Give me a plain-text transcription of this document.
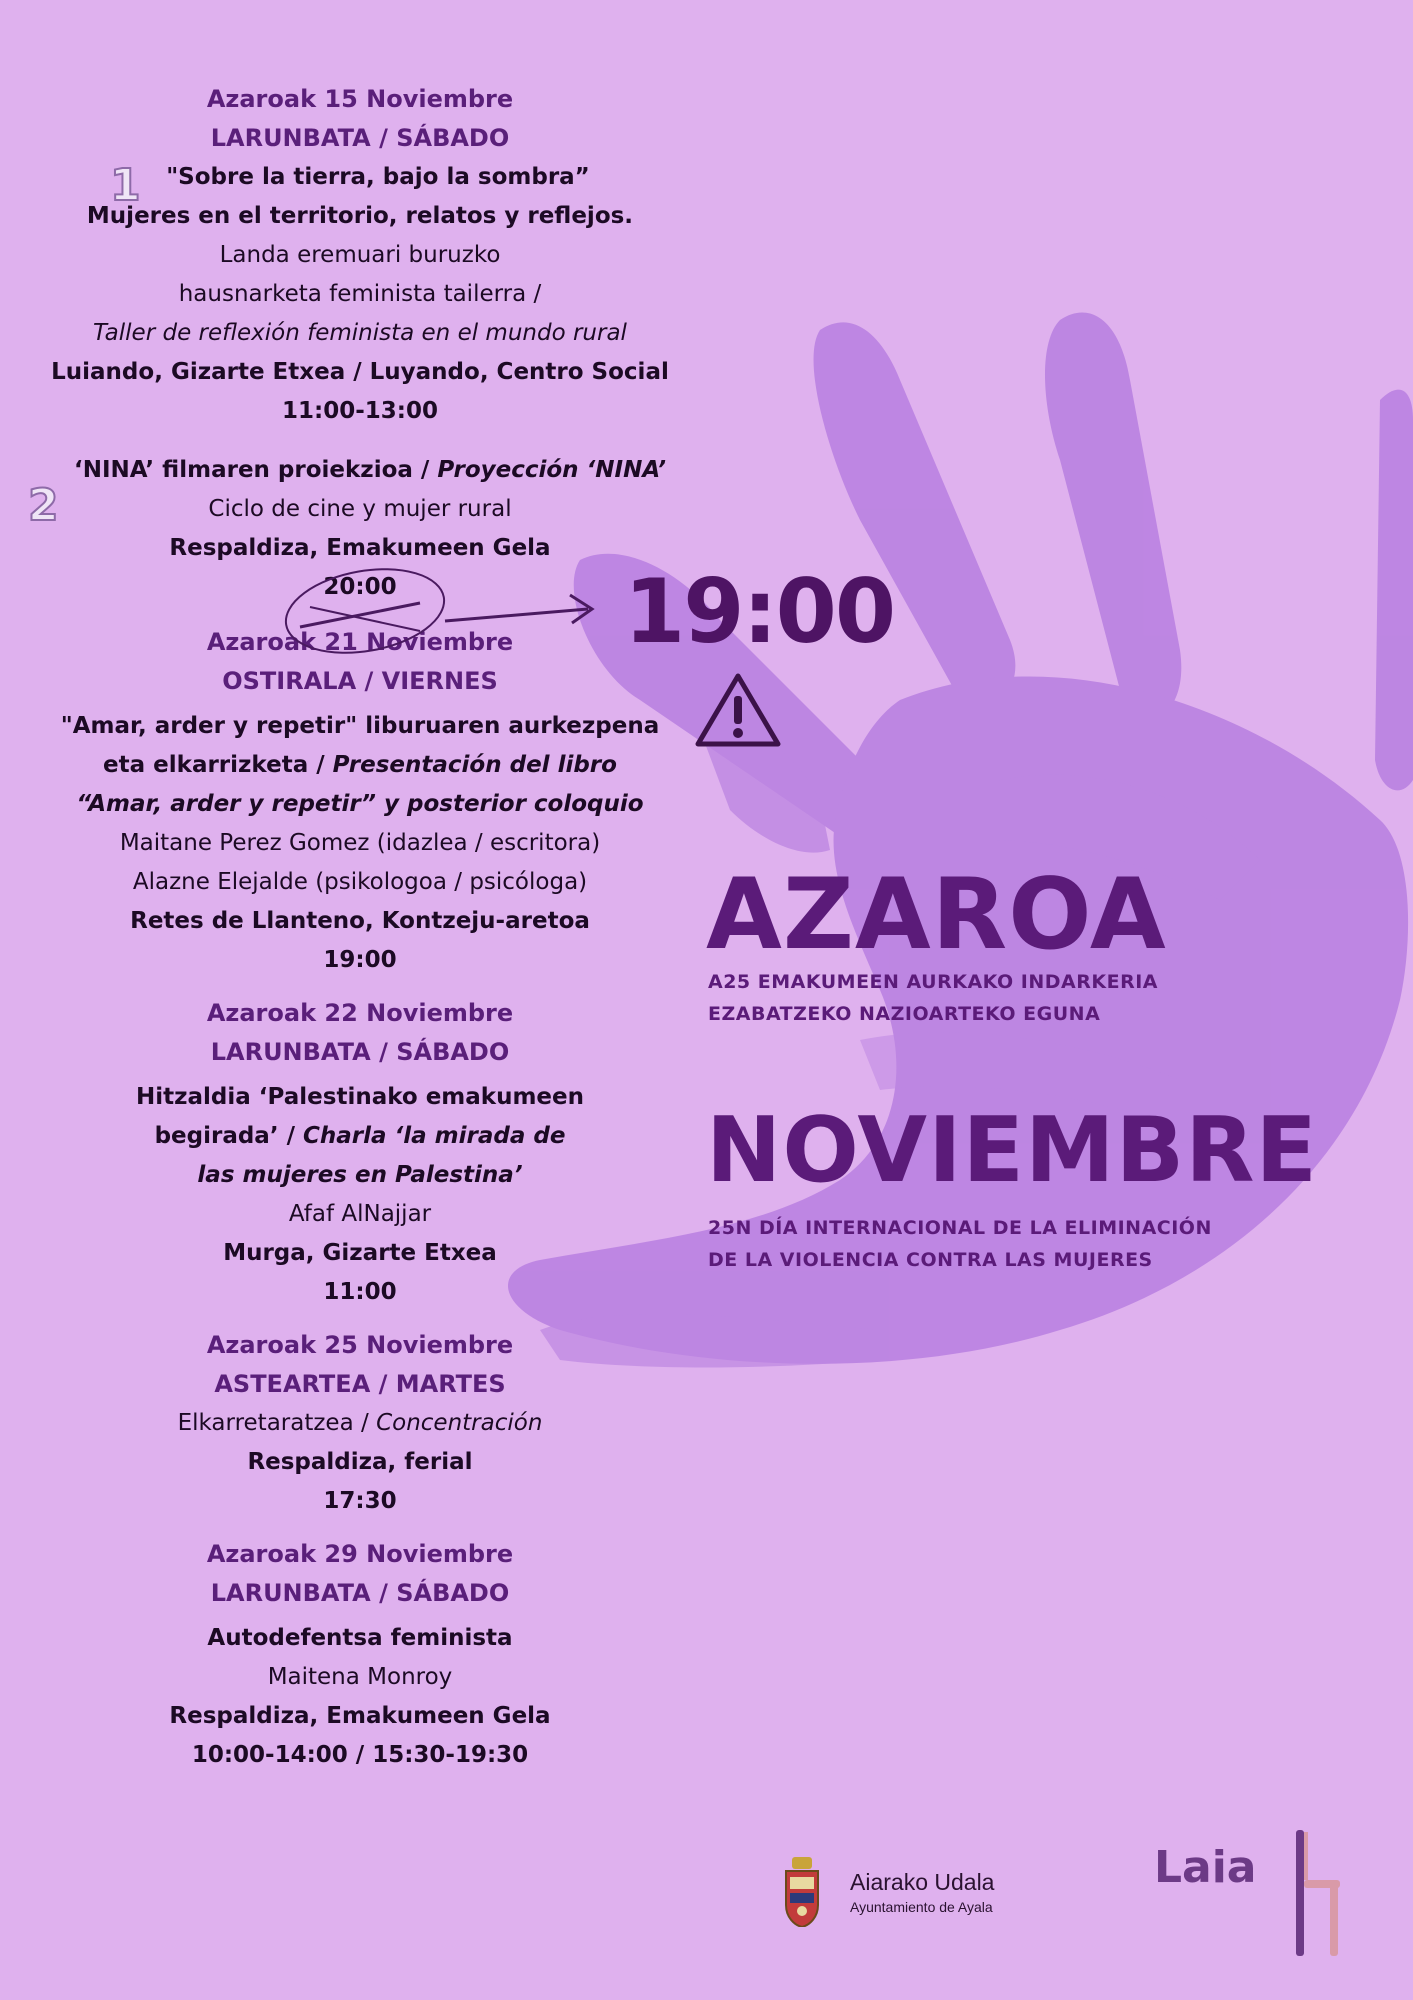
Azaroak 15 Noviembre
LARUNBATA / SÁBADO
"Sobre la tierra, bajo la sombra”
Mujeres en el territorio, relatos y reflejos.
Landa eremuari buruzko
hausnarketa feminista tailerra /
Taller de reflexión feminista en el mundo rural
Luiando, Gizarte Etxea / Luyando, Centro Social
11:00-13:00
‘NINA’ filmaren proiekzioa / Proyección ‘NINA’
Ciclo de cine y mujer rural
Respaldiza, Emakumeen Gela
20:00
Azaroak 21 Noviembre
OSTIRALA / VIERNES
"Amar, arder y repetir" liburuaren aurkezpena
eta elkarrizketa / Presentación del libro
“Amar, arder y repetir” y posterior coloquio
Maitane Perez Gomez (idazlea / escritora)
Alazne Elejalde (psikologoa / psicóloga)
Retes de Llanteno, Kontzeju-aretoa
19:00
Azaroak 22 Noviembre
LARUNBATA / SÁBADO
Hitzaldia ‘Palestinako emakumeen
begirada’ / Charla ‘la mirada de
las mujeres en Palestina’
Afaf AlNajjar
Murga, Gizarte Etxea
11:00
Azaroak 25 Noviembre
ASTEARTEA / MARTES
Elkarretaratzea / Concentración
Respaldiza, ferial
17:30
Azaroak 29 Noviembre
LARUNBATA / SÁBADO
Autodefentsa feminista
Maitena Monroy
Respaldiza, Emakumeen Gela
10:00-14:00 / 15:30-19:30
1
2
19:00
AZAROA
A25 EMAKUMEEN AURKAKO INDARKERIA
EZABATZEKO NAZIOARTEKO EGUNA
NOVIEMBRE
25N DÍA INTERNACIONAL DE LA ELIMINACIÓN
DE LA VIOLENCIA CONTRA LAS MUJERES
Aiarako Udala
Ayuntamiento de Ayala
Laia
